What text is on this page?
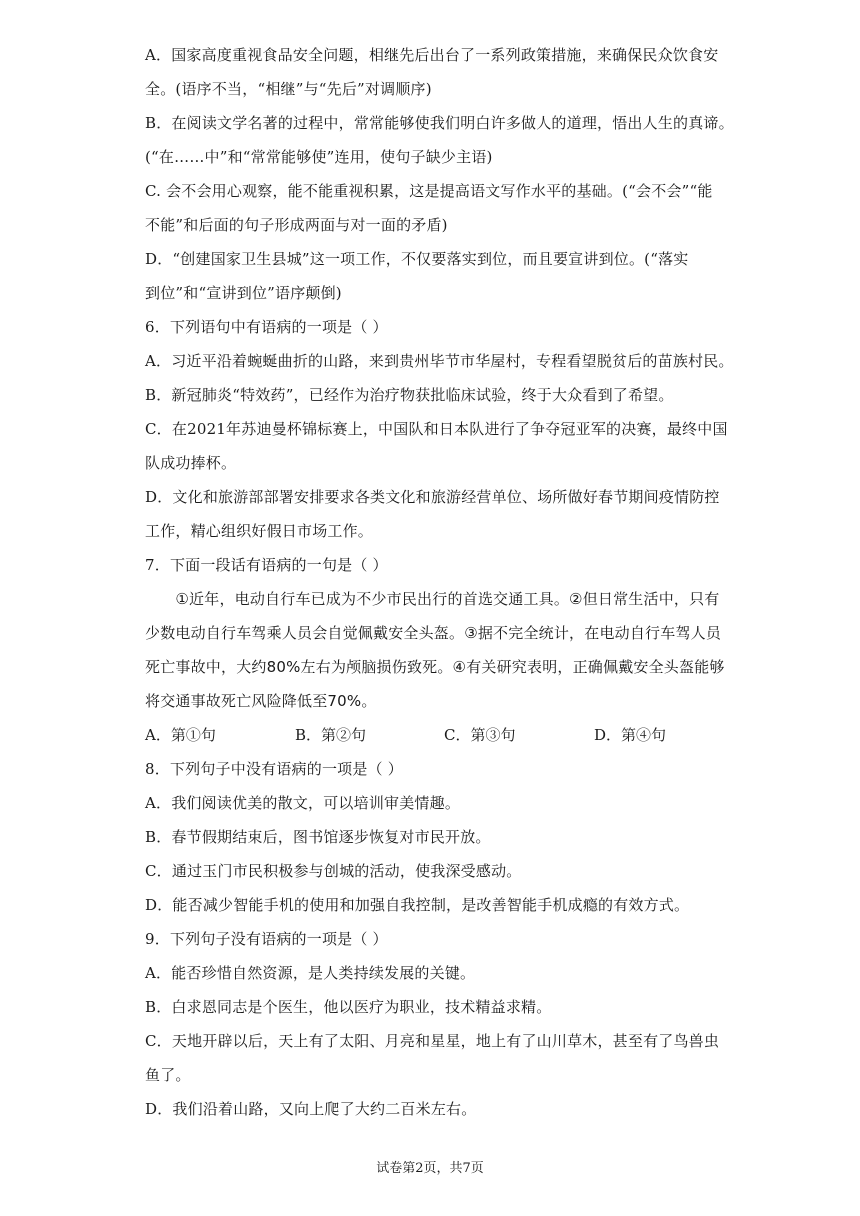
A．国家高度重视食品安全问题，相继先后出台了一系列政策措施，来确保民众饮食安
全。(语序不当，“相继”与“先后”对调顺序)
B．在阅读文学名著的过程中，常常能够使我们明白许多做人的道理，悟出人生的真谛。
(“在……中”和“常常能够使”连用，使句子缺少主语)
C. 会不会用心观察，能不能重视积累，这是提高语文写作水平的基础。(“会不会”“能
不能”和后面的句子形成两面与对一面的矛盾)
D．“创建国家卫生县城”这一项工作，不仅要落实到位，而且要宣讲到位。(“落实
到位”和“宣讲到位”语序颠倒)
6．下列语句中有语病的一项是（ ）
A．习近平沿着蜿蜒曲折的山路，来到贵州毕节市华屋村，专程看望脱贫后的苗族村民。
B．新冠肺炎“特效药”，已经作为治疗物获批临床试验，终于大众看到了希望。
C．在2021年苏迪曼杯锦标赛上，中国队和日本队进行了争夺冠亚军的决赛，最终中国
队成功捧杯。
D．文化和旅游部部署安排要求各类文化和旅游经营单位、场所做好春节期间疫情防控
工作，精心组织好假日市场工作。
7．下面一段话有语病的一句是（ ）
　　①近年，电动自行车已成为不少市民出行的首选交通工具。②但日常生活中，只有
少数电动自行车驾乘人员会自觉佩戴安全头盔。③据不完全统计，在电动自行车驾人员
死亡事故中，大约80%左右为颅脑损伤致死。④有关研究表明，正确佩戴安全头盔能够
将交通事故死亡风险降低至70%。
A．第①句	B．第②句	C．第③句	D．第④句
8．下列句子中没有语病的一项是（ ）
A．我们阅读优美的散文，可以培训审美情趣。
B．春节假期结束后，图书馆逐步恢复对市民开放。
C．通过玉门市民积极参与创城的活动，使我深受感动。
D．能否减少智能手机的使用和加强自我控制，是改善智能手机成瘾的有效方式。
9．下列句子没有语病的一项是（ ）
A．能否珍惜自然资源，是人类持续发展的关键。
B．白求恩同志是个医生，他以医疗为职业，技术精益求精。
C．天地开辟以后，天上有了太阳、月亮和星星，地上有了山川草木，甚至有了鸟兽虫
鱼了。
D．我们沿着山路，又向上爬了大约二百米左右。
试卷第2页，共7页
